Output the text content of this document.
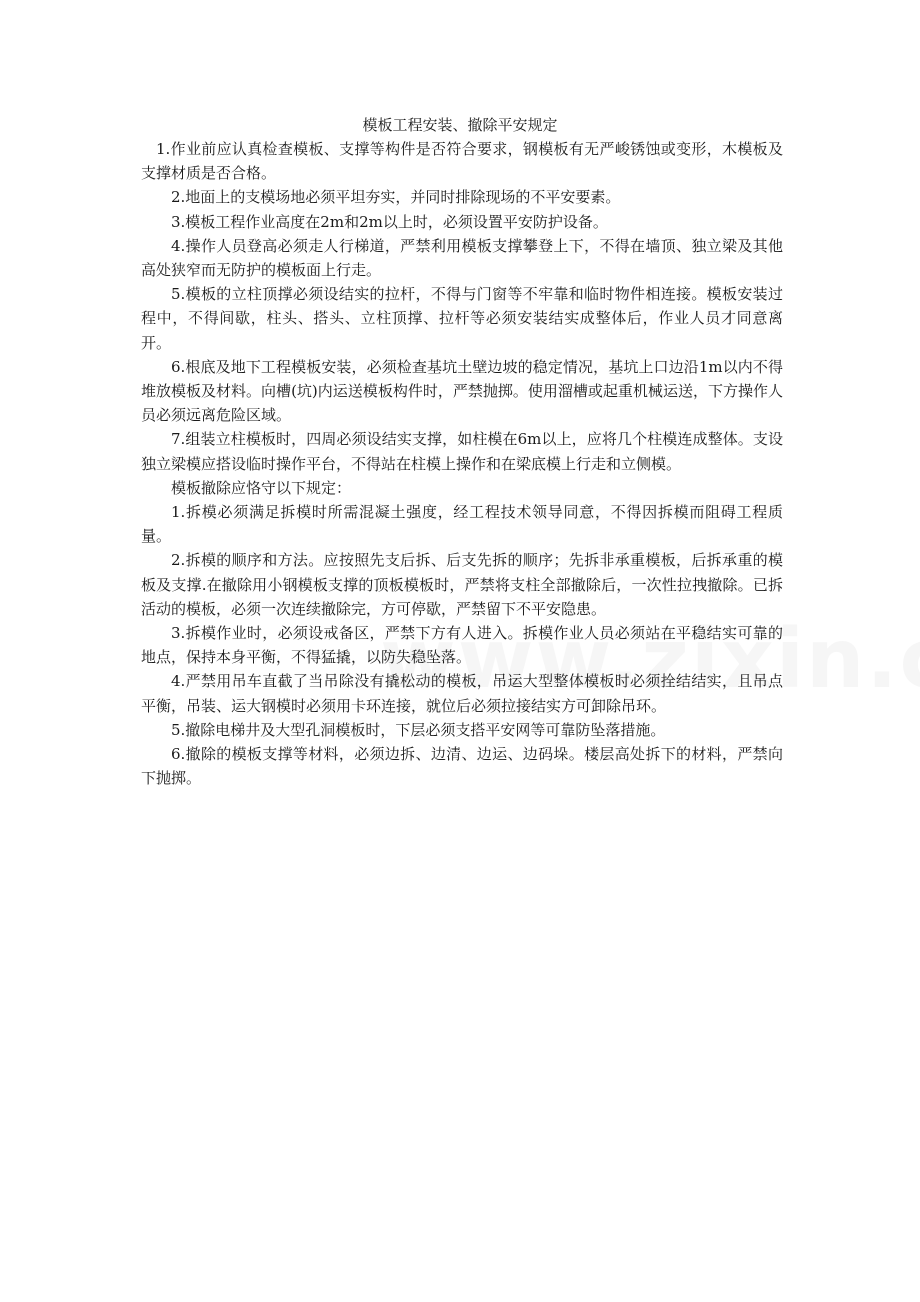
模板工程安装、撤除平安规定

1.作业前应认真检查模板、支撑等构件是否符合要求，钢模板有无严峻锈蚀或变形，木模板及支撑材质是否合格。

2.地面上的支模场地必须平坦夯实，并同时排除现场的不平安要素。

3.模板工程作业高度在2m和2m以上时，必须设置平安防护设备。

4.操作人员登高必须走人行梯道，严禁利用模板支撑攀登上下，不得在墙顶、独立梁及其他高处狭窄而无防护的模板面上行走。

5.模板的立柱顶撑必须设结实的拉杆，不得与门窗等不牢靠和临时物件相连接。模板安装过程中，不得间歇，柱头、搭头、立柱顶撑、拉杆等必须安装结实成整体后，作业人员才同意离开。

6.根底及地下工程模板安装，必须检查基坑土壁边坡的稳定情况，基坑上口边沿1m以内不得堆放模板及材料。向槽(坑)内运送模板构件时，严禁抛掷。使用溜槽或起重机械运送，下方操作人员必须远离危险区域。

7.组装立柱模板时，四周必须设结实支撑，如柱模在6m以上，应将几个柱模连成整体。支设独立梁模应搭设临时操作平台，不得站在柱模上操作和在梁底模上行走和立侧模。

模板撤除应恪守以下规定：

1.拆模必须满足拆模时所需混凝土强度，经工程技术领导同意，不得因拆模而阻碍工程质量。

2.拆模的顺序和方法。应按照先支后拆、后支先拆的顺序；先拆非承重模板，后拆承重的模板及支撑.在撤除用小钢模板支撑的顶板模板时，严禁将支柱全部撤除后，一次性拉拽撤除。已拆活动的模板，必须一次连续撤除完，方可停歇，严禁留下不平安隐患。

3.拆模作业时，必须设戒备区，严禁下方有人进入。拆模作业人员必须站在平稳结实可靠的地点，保持本身平衡，不得猛撬，以防失稳坠落。

4.严禁用吊车直截了当吊除没有撬松动的模板，吊运大型整体模板时必须拴结结实，且吊点平衡，吊装、运大钢模时必须用卡环连接，就位后必须拉接结实方可卸除吊环。

5.撤除电梯井及大型孔洞模板时，下层必须支搭平安网等可靠防坠落措施。

6.撤除的模板支撑等材料，必须边拆、边清、边运、边码垛。楼层高处拆下的材料，严禁向下抛掷。
